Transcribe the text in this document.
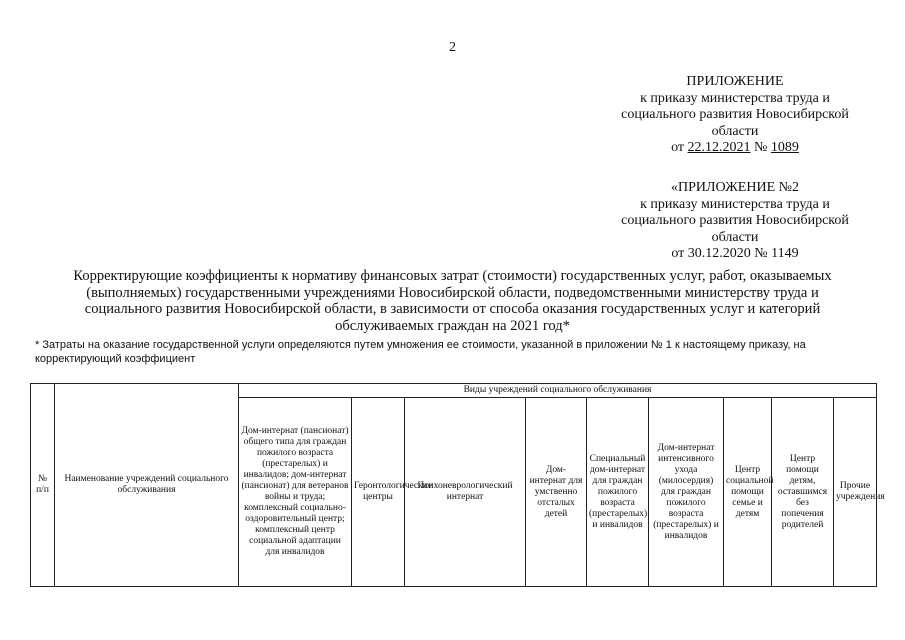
2
ПРИЛОЖЕНИЕ
к приказу министерства труда и
социального развития Новосибирской
области
от 22.12.2021 № 1089
«ПРИЛОЖЕНИЕ №2
к приказу министерства труда и
социального развития Новосибирской
области
от 30.12.2020 № 1149
Корректирующие коэффициенты к нормативу финансовых затрат (стоимости) государственных услуг, работ, оказываемых
(выполняемых) государственными учреждениями Новосибирской области, подведомственными министерству труда и
социального развития Новосибирской области, в зависимости от способа оказания государственных услуг и категорий
обслуживаемых граждан на 2021 год*
* Затраты на оказание государственной услуги определяются путем умножения ее стоимости, указанной в приложении № 1 к настоящему приказу, на корректирующий коэффициент
№ п/п	Наименование учреждений социального обслуживания	Виды учреждений социального обслуживания								
		Дом-интернат (пансионат) общего типа для граждан пожилого возраста (престарелых) и инвалидов; дом-интернат (пансионат) для ветеранов войны и труда; комплексный социально-оздоровительный центр; комплексный центр социальной адаптации для инвалидов	Геронтологические центры	Психоневрологический интернат	Дом-интернат для умственно отсталых детей	Специальный дом-интернат для граждан пожилого возраста (престарелых) и инвалидов	Дом-интернат интенсивного ухода (милосердия) для граждан пожилого возраста (престарелых) и инвалидов	Центр социальной помощи семье и детям	Центр помощи детям, оставшимся без попечения родителей	Прочие учреждения
